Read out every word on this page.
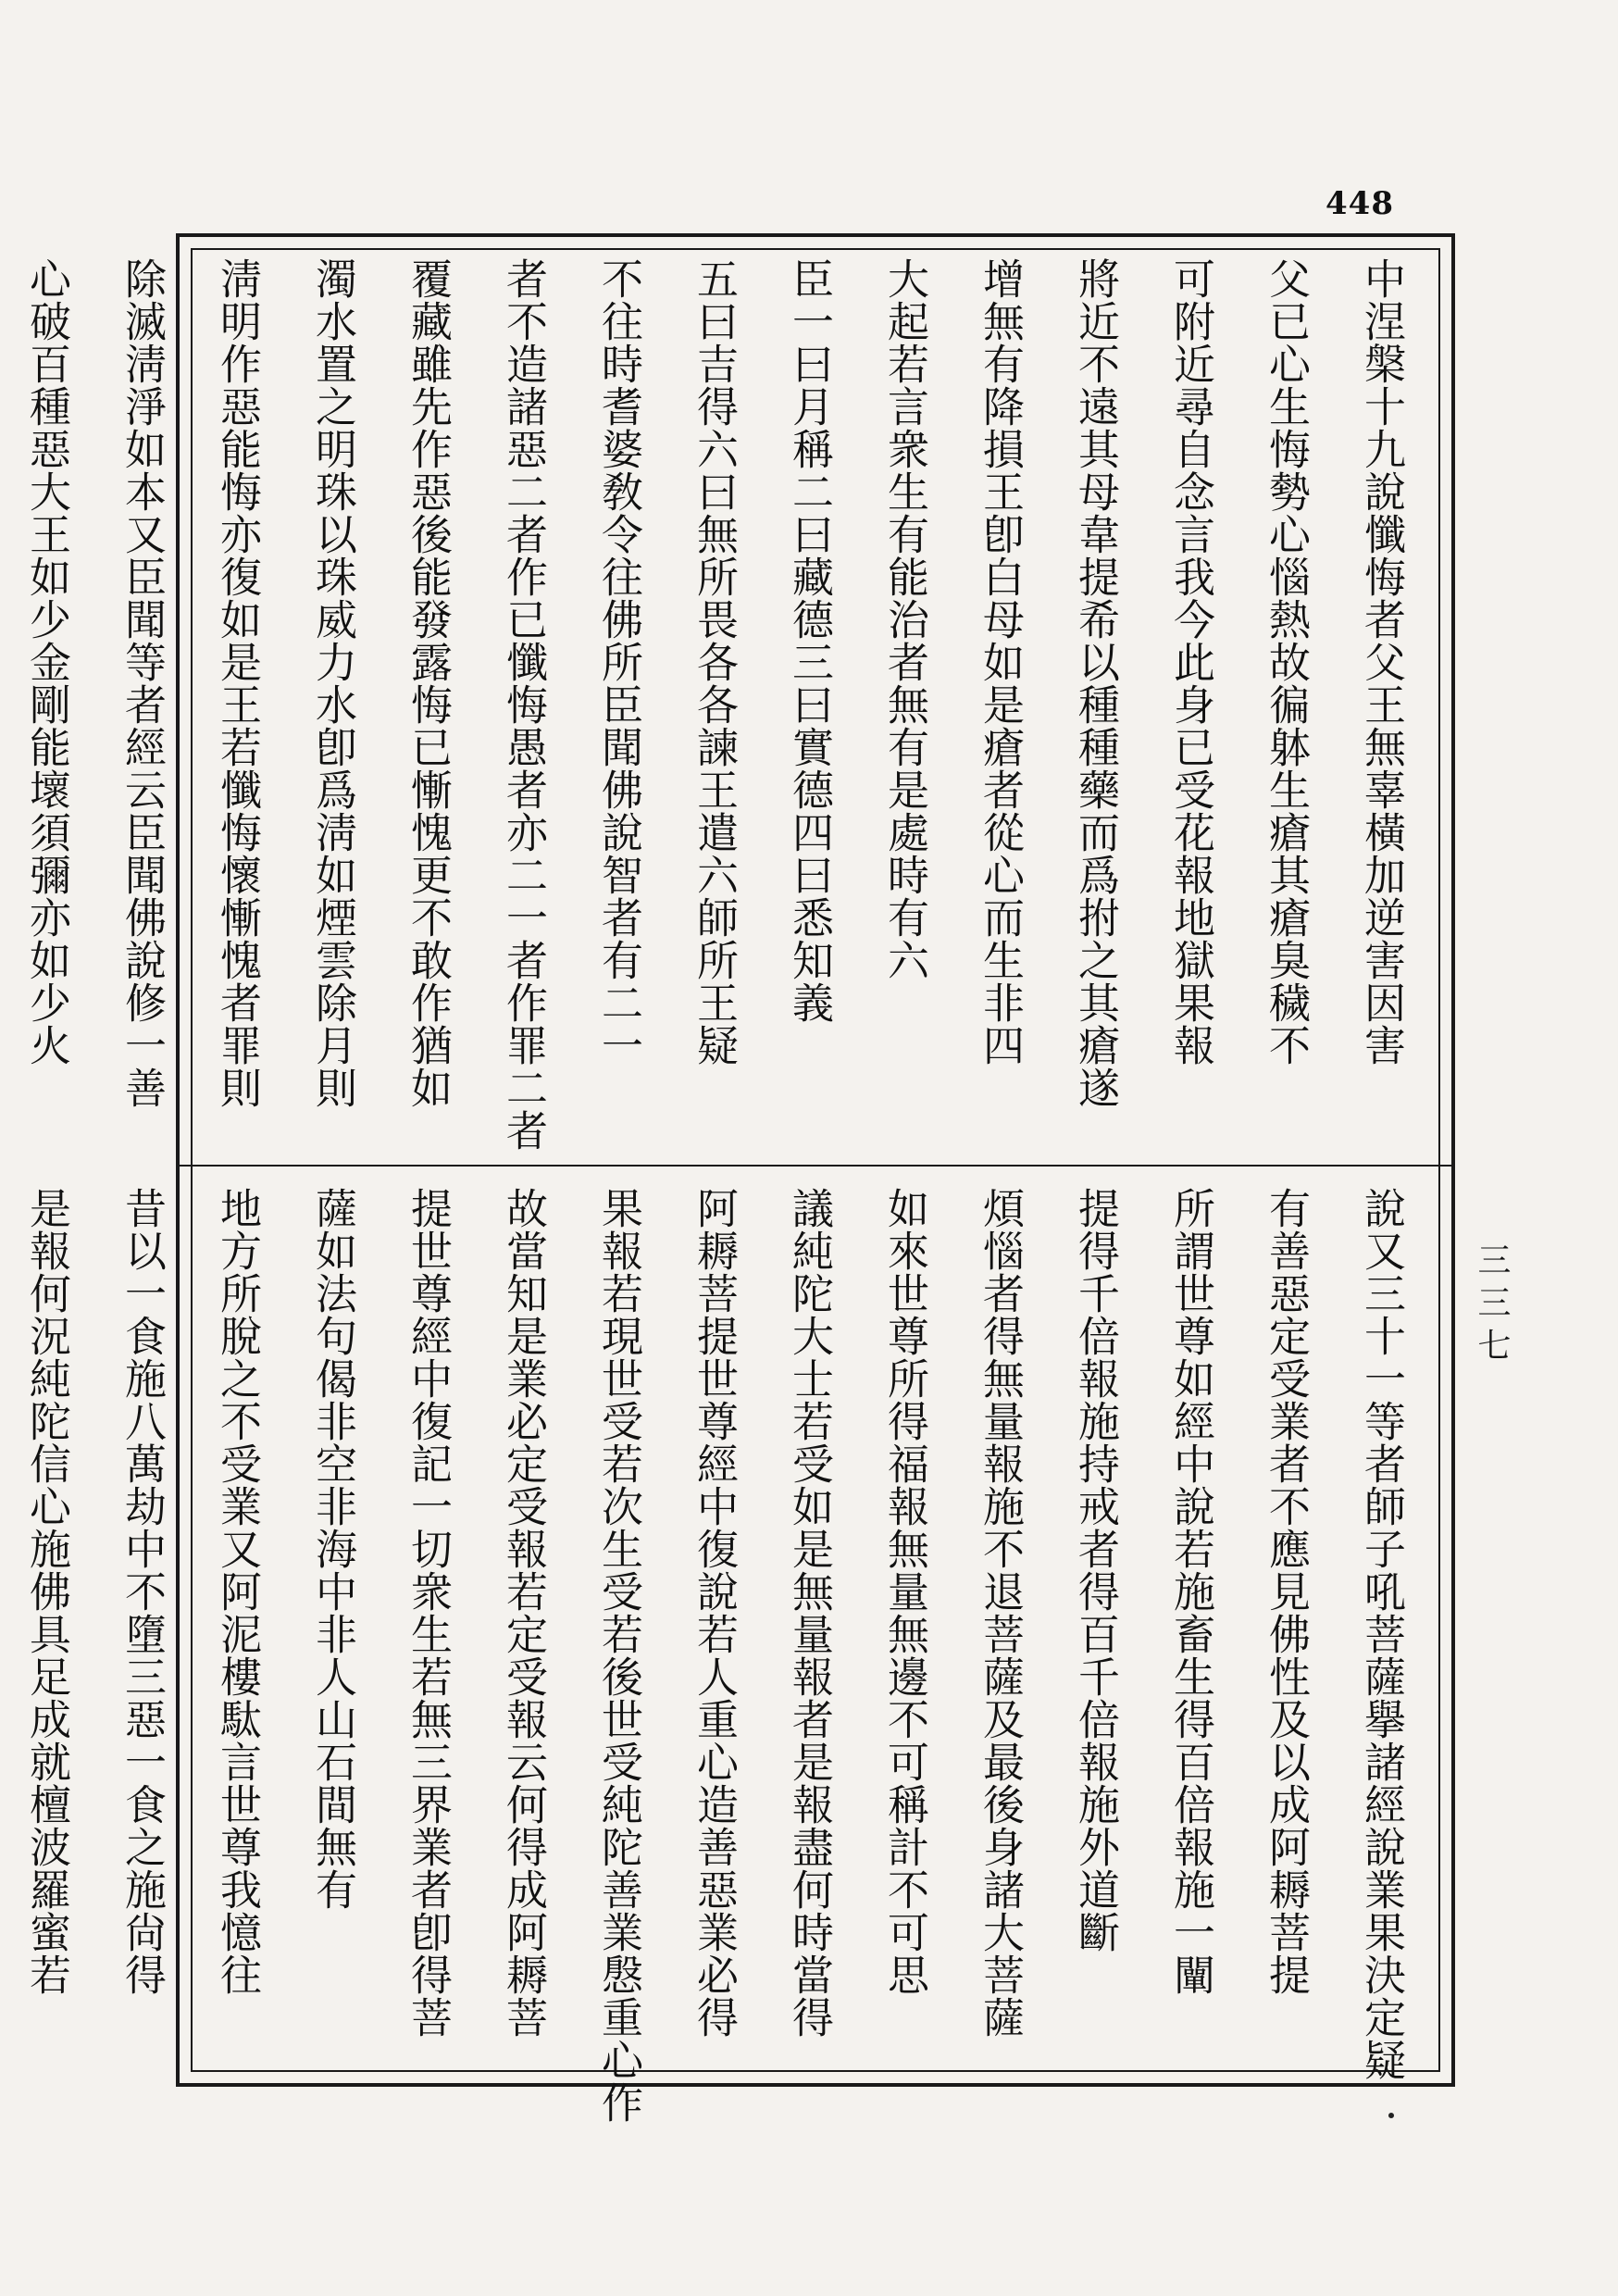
448

中涅槃十九說懺悔者父王無辜橫加逆害因害

父已心生悔勢心惱熱故徧躰生瘡其瘡臭穢不

可附近尋自念言我今此身已受花報地獄果報

將近不遠其母韋提希以種種藥而爲拊之其瘡遂

增無有降損王卽白母如是瘡者從心而生非四

大起若言衆生有能治者無有是處時有六

臣一曰月稱二曰藏德三曰實德四曰悉知義

五曰吉得六曰無所畏各各諫王遣六師所王疑

不往時耆婆敎令往佛所臣聞佛說智者有二一

者不造諸惡二者作已懺悔愚者亦二一者作罪二者

覆藏雖先作惡後能發露悔已慚愧更不敢作猶如

濁水置之明珠以珠威力水卽爲淸如煙雲除月則

淸明作惡能悔亦復如是王若懺悔懷慚愧者罪則

除滅淸淨如本又臣聞等者經云臣聞佛說修一善

心破百種惡大王如少金剛能壞須彌亦如少火

說又三十一等者師子吼菩薩擧諸經說業果決定疑

有善惡定受業者不應見佛性及以成阿耨菩提

所謂世尊如經中說若施畜生得百倍報施一闡

提得千倍報施持戒者得百千倍報施外道斷

煩惱者得無量報施不退菩薩及最後身諸大菩薩

如來世尊所得福報無量無邊不可稱計不可思

議純陀大士若受如是無量報者是報盡何時當得

阿耨菩提世尊經中復說若人重心造善惡業必得

果報若現世受若次生受若後世受純陀善業慇重心作

故當知是業必定受報若定受報云何得成阿耨菩

提世尊經中復記一切衆生若無三界業者卽得菩

薩如法句偈非空非海中非人山石間無有

地方所脫之不受業又阿泥樓駄言世尊我憶往

昔以一食施八萬劫中不墮三惡一食之施尙得

是報何況純陀信心施佛具足成就檀波羅蜜若	三三七
